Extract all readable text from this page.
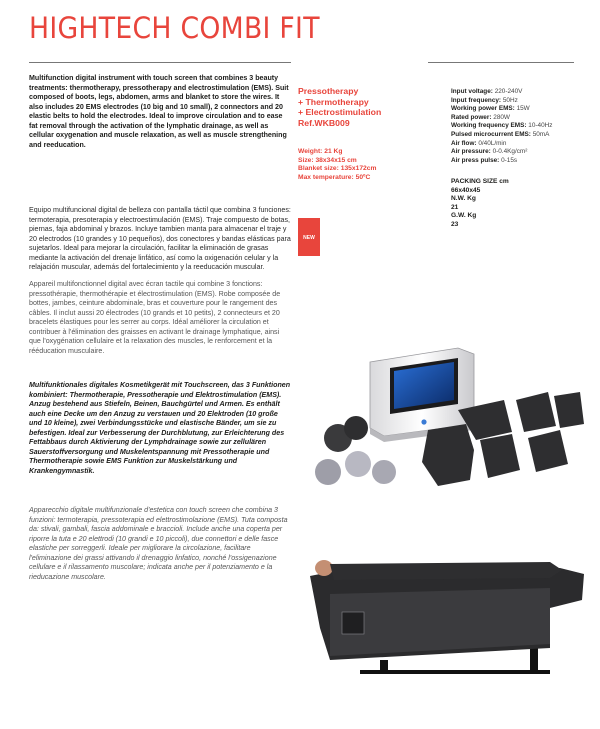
HIGHTECH COMBI FIT

Multifunction digital instrument with touch screen that combines 3 beauty treatments: thermotherapy, pressotherapy and electrostimulation (EMS). Suit composed of boots, legs, abdomen, arms and blanket to store the wires. It also includes 20 EMS electrodes (10 big and 10 small), 2 connectors and 20 elastic belts to hold the electrodes. Ideal to improve circulation and to ease fat removal through the activation of the lymphatic drainage, as well as cellular oxygenation and muscle relaxation, as well as muscle strengthening and reeducation.

Equipo multifuncional digital de belleza con pantalla táctil que combina 3 funciones: termoterapia, presoterapia y electroestimulación (EMS). Traje compuesto de botas, piernas, faja abdominal y brazos. Incluye tambien manta para almacenar el traje y 20 electrodos (10 grandes y 10 pequeños), dos conectores y bandas elásticas para sujetarlos. Ideal para mejorar la circulación, facilitar la eliminación de grasas mediante la activación del drenaje linfático, así como la oxigenación celular y la relajación muscular, además del fortalecimiento y la reeducación muscular.

Appareil multifonctionnel digital avec écran tactile qui combine 3 fonctions: pressothérapie, thermothérapie et électrostimulation (EMS). Robe composée de bottes, jambes, ceinture abdominale, bras et couverture pour le rangement des câbles. Il inclut aussi 20 électrodes (10 grands et 10 petits), 2 connecteurs et 20 bracelets élastiques pour les serrer au corps. Idéal améliorer la circulation et contribuer à l'élimination des graisses en activant le drainage lymphatique, ainsi que l'oxygénation cellulaire et la relaxation des muscles, le renforcement et la rééducation musculaire.

Multifunktionales digitales Kosmetikgerät mit Touchscreen, das 3 Funktionen kombiniert: Thermotherapie, Pressotherapie und Elektrostimulation (EMS). Anzug bestehend aus Stiefeln, Beinen, Bauchgürtel und Armen. Es enthält auch eine Decke um den Anzug zu verstauen und 20 Elektroden (10 große und 10 kleine), zwei Verbindungsstücke und elastische Bänder, um sie zu befestigen. Ideal zur Verbesserung der Durchblutung, zur Erleichterung des Fettabbaus durch Aktivierung der Lymphdrainage sowie zur zellulären Sauerstoffversorgung und Muskelentspannung mit Pressotherapie und Thermotherapie sowie EMS Funktion zur Muskelstärkung und Krankengymnastik.

Apparecchio digitale multifunzionale d'estetica con touch screen che combina 3 funzioni: termoterapia, pressoterapia ed elettrostimolazione (EMS). Tuta composta da: stivali, gambali, fascia addominale e braccioli. Include anche una coperta per riporre la tuta e 20 elettrodi (10 grandi e 10 piccoli), due connettori e delle fasce elastiche per sorreggerli. Ideale per migliorare la circolazione, facilitare l'eliminazione dei grassi attivando il drenaggio linfatico, nonché l'ossigenazione cellulare e il rilassamento muscolare; indicata anche per il potenziamento e la rieducazione muscolare.

Pressotherapy
+ Thermotherapy
+ Electrostimulation
Ref.WKB009
Weight: 21 Kg
Size: 38x34x15 cm
Blanket size: 135x172cm
Max temperature: 50ºC
NEW
Input voltage: 220-240V
Input frequency: 50Hz
Working power EMS: 15W
Rated power: 280W
Working frequency EMS: 10-40Hz
Pulsed microcurrent EMS: 50mA
Air flow: 0/40L/min
Air pressure: 0-0.4Kg/cm²
Air press pulse: 0-15s
PACKING SIZE cm
66x40x45
N.W. Kg
21
G.W. Kg
23
